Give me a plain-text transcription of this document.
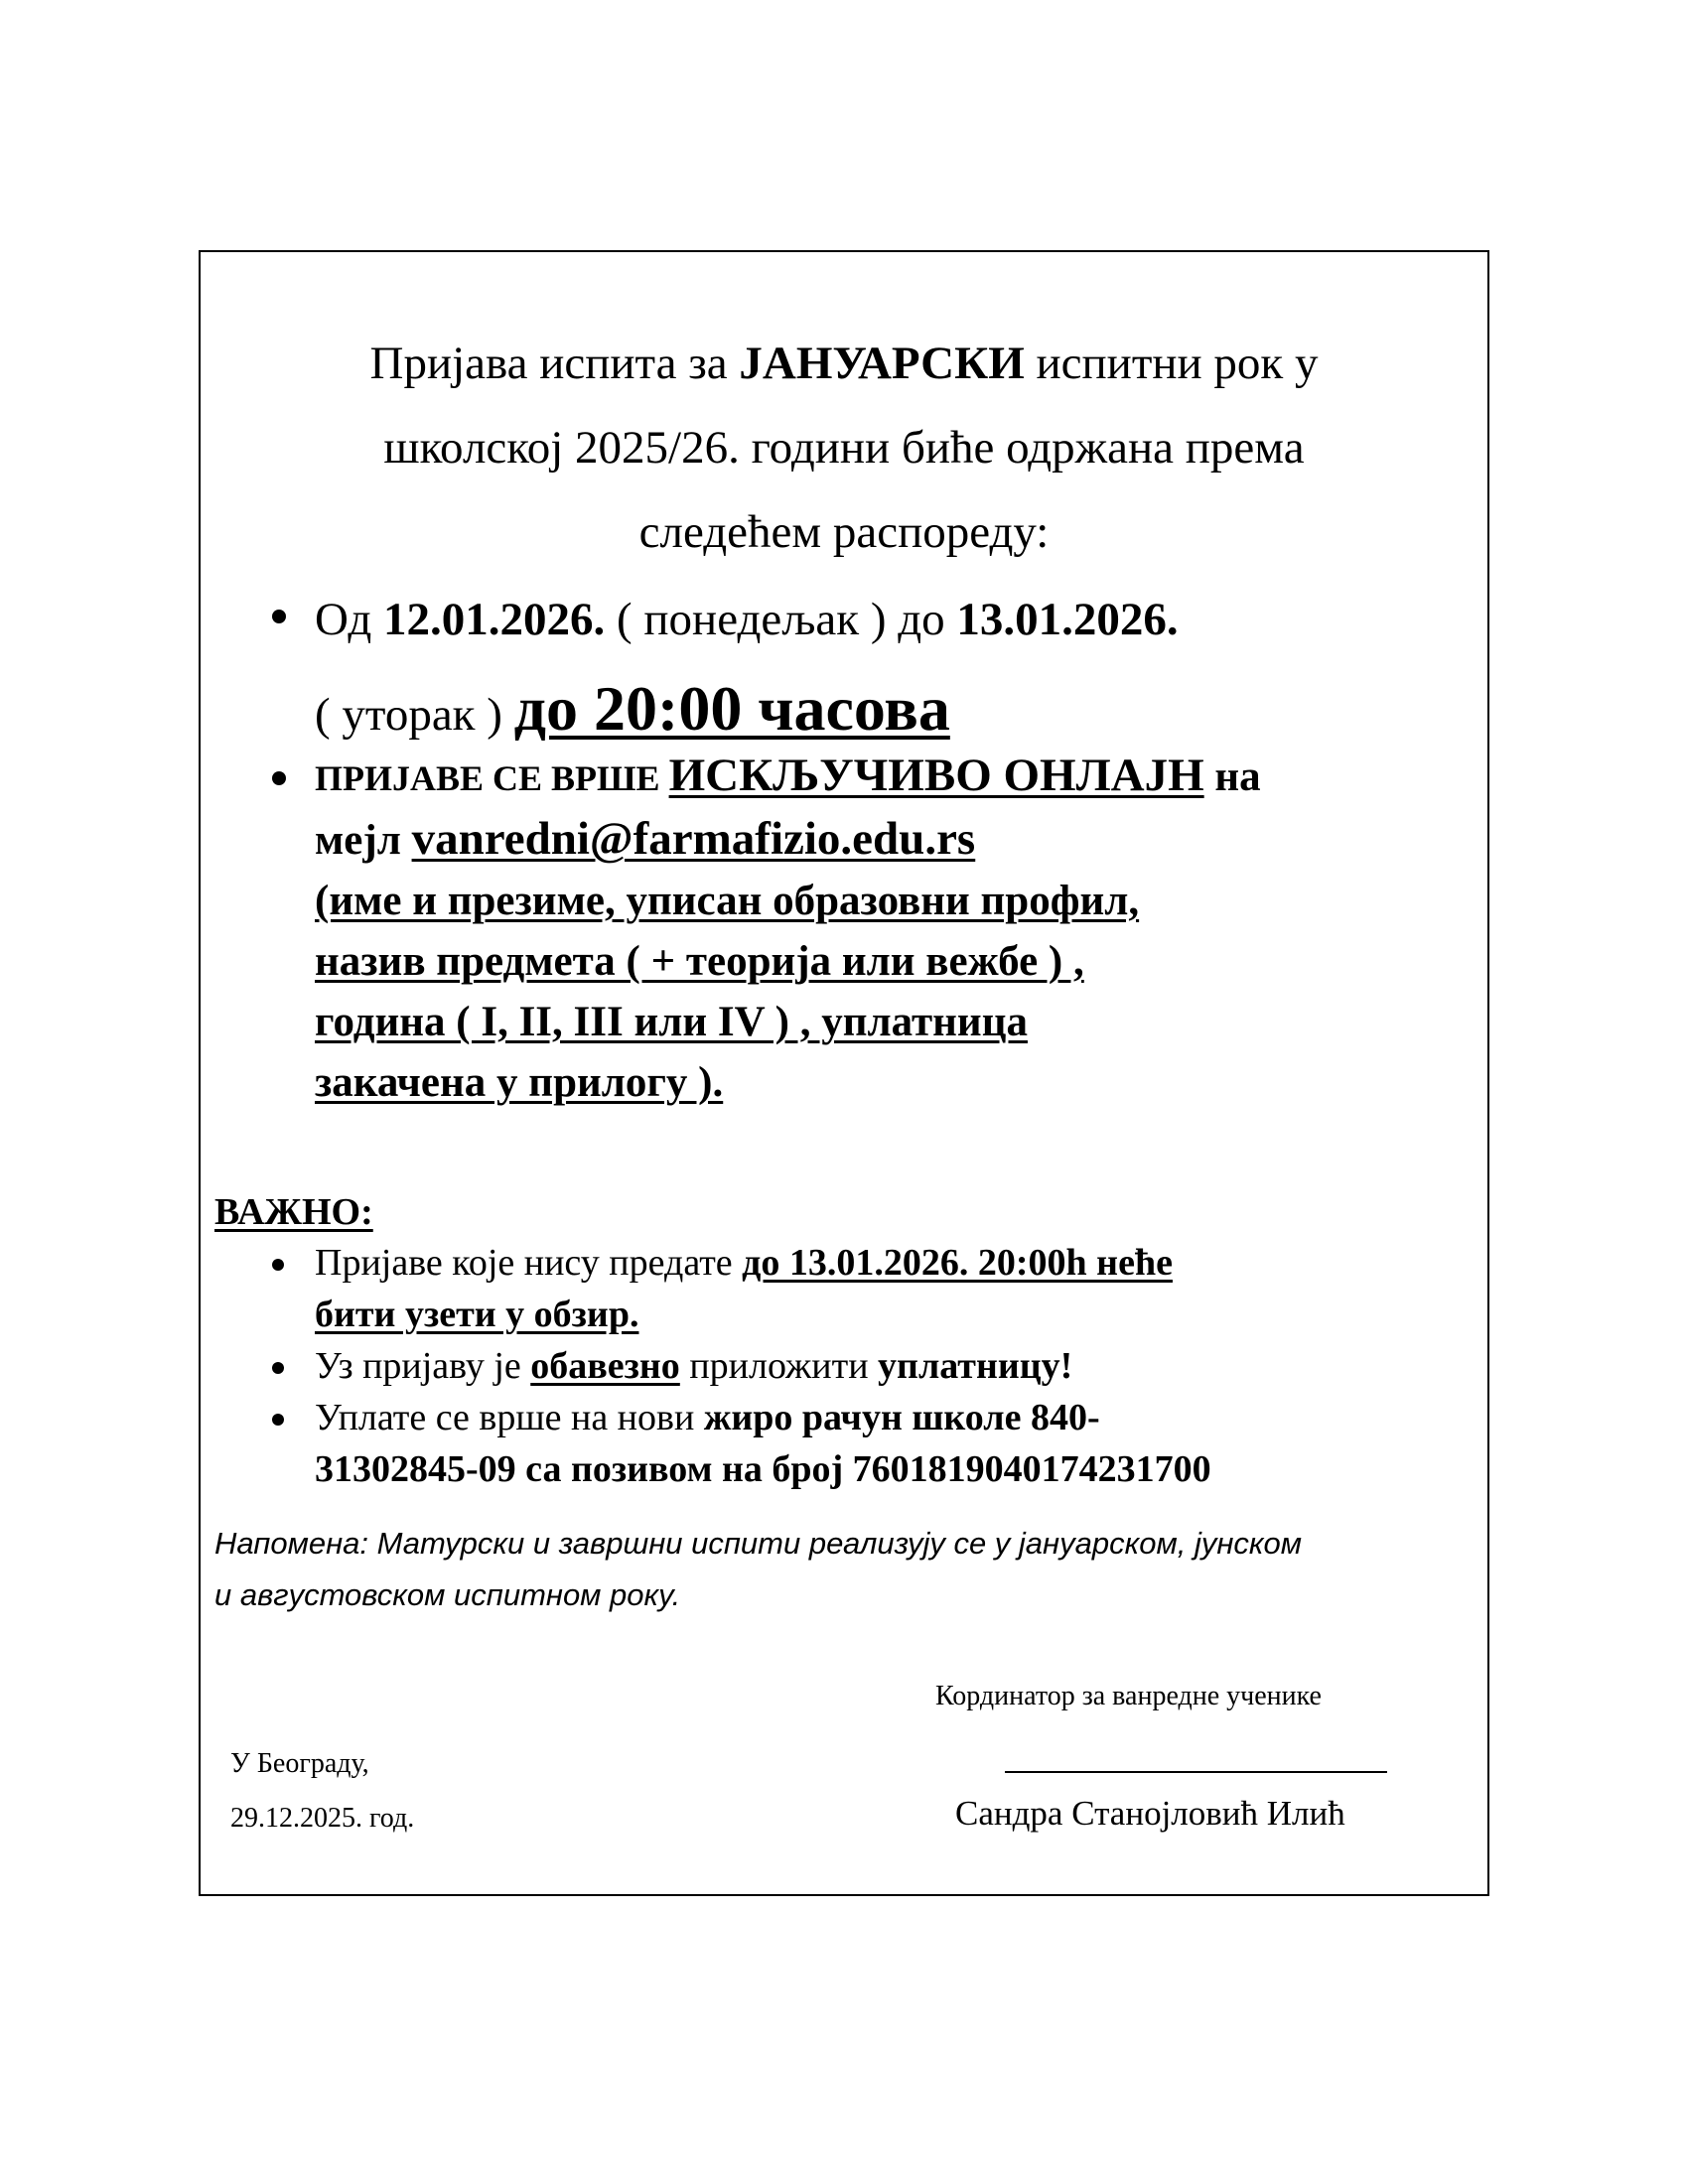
Пријава испита за ЈАНУАРСКИ испитни рок у
школској 2025/26. години биће одржана према
следећем распореду:
Од 12.01.2026. ( понедељак ) до 13.01.2026.
( уторак ) до 20:00 часова
ПРИЈАВЕ СЕ ВРШЕ ИСКЉУЧИВО ОНЛАЈН на
мејл vanredni@farmafizio.edu.rs
(име и презиме, уписан образовни профил,
назив предмета ( + теорија или вежбе ) ,
година ( I, II, III или IV ) , уплатница
закачена у прилогу ).
ВАЖНО:
Пријаве које нису предате до 13.01.2026. 20:00h неће
бити узети у обзир.
Уз пријаву је обавезно приложити уплатницу!
Уплате се врше на нови жиро рачун школе 840-
31302845-09 са позивом на број 7601819040174231700
Напомена: Матурски и завршни испити реализују се у јануарском, јунском
и августовском испитном року.
У Београду,
29.12.2025. год.
Кординатор за ванредне ученике
Сандра Станојловић Илић
